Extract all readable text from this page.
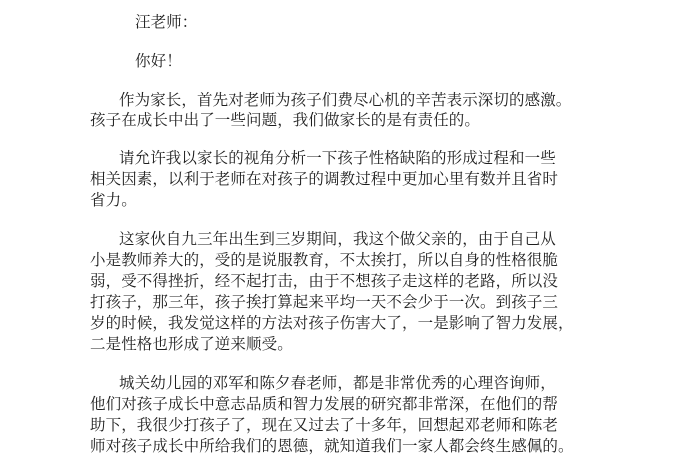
汪老师：
你好！
作为家长，首先对老师为孩子们费尽心机的辛苦表示深切的感激。
孩子在成长中出了一些问题，我们做家长的是有责任的。
请允许我以家长的视角分析一下孩子性格缺陷的形成过程和一些
相关因素，以利于老师在对孩子的调教过程中更加心里有数并且省时
省力。
这家伙自九三年出生到三岁期间，我这个做父亲的，由于自己从
小是教师养大的，受的是说服教育，不太挨打，所以自身的性格很脆
弱，受不得挫折，经不起打击，由于不想孩子走这样的老路，所以没
打孩子，那三年，孩子挨打算起来平均一天不会少于一次。到孩子三
岁的时候，我发觉这样的方法对孩子伤害大了，一是影响了智力发展，
二是性格也形成了逆来顺受。
城关幼儿园的邓军和陈夕春老师，都是非常优秀的心理咨询师，
他们对孩子成长中意志品质和智力发展的研究都非常深，在他们的帮
助下，我很少打孩子了，现在又过去了十多年，回想起邓老师和陈老
师对孩子成长中所给我们的恩德，就知道我们一家人都会终生感佩的。
